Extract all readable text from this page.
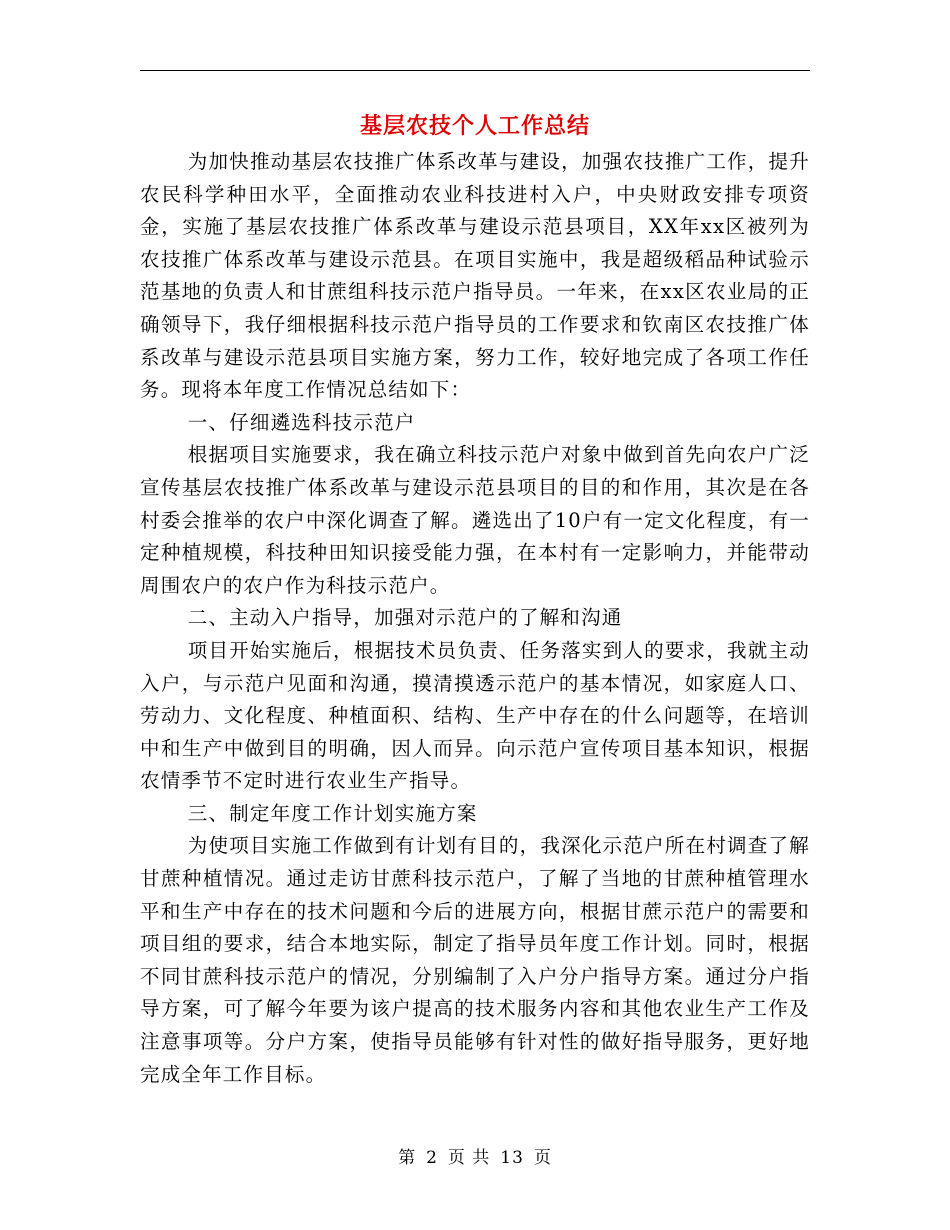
基层农技个人工作总结

为加快推动基层农技推广体系改革与建设，加强农技推广工作，提升农民科学种田水平，全面推动农业科技进村入户，中央财政安排专项资金，实施了基层农技推广体系改革与建设示范县项目，XX年xx区被列为农技推广体系改革与建设示范县。在项目实施中，我是超级稻品种试验示范基地的负责人和甘蔗组科技示范户指导员。一年来，在xx区农业局的正确领导下，我仔细根据科技示范户指导员的工作要求和钦南区农技推广体系改革与建设示范县项目实施方案，努力工作，较好地完成了各项工作任务。现将本年度工作情况总结如下：

一、仔细遴选科技示范户

根据项目实施要求，我在确立科技示范户对象中做到首先向农户广泛宣传基层农技推广体系改革与建设示范县项目的目的和作用，其次是在各村委会推举的农户中深化调查了解。遴选出了10户有一定文化程度，有一定种植规模，科技种田知识接受能力强，在本村有一定影响力，并能带动周围农户的农户作为科技示范户。

二、主动入户指导，加强对示范户的了解和沟通

项目开始实施后，根据技术员负责、任务落实到人的要求，我就主动入户，与示范户见面和沟通，摸清摸透示范户的基本情况，如家庭人口、劳动力、文化程度、种植面积、结构、生产中存在的什么问题等，在培训中和生产中做到目的明确，因人而异。向示范户宣传项目基本知识，根据农情季节不定时进行农业生产指导。

三、制定年度工作计划实施方案

为使项目实施工作做到有计划有目的，我深化示范户所在村调查了解甘蔗种植情况。通过走访甘蔗科技示范户，了解了当地的甘蔗种植管理水平和生产中存在的技术问题和今后的进展方向，根据甘蔗示范户的需要和项目组的要求，结合本地实际，制定了指导员年度工作计划。同时，根据不同甘蔗科技示范户的情况，分别编制了入户分户指导方案。通过分户指导方案，可了解今年要为该户提高的技术服务内容和其他农业生产工作及注意事项等。分户方案，使指导员能够有针对性的做好指导服务，更好地完成全年工作目标。

第 2 页 共 13 页
